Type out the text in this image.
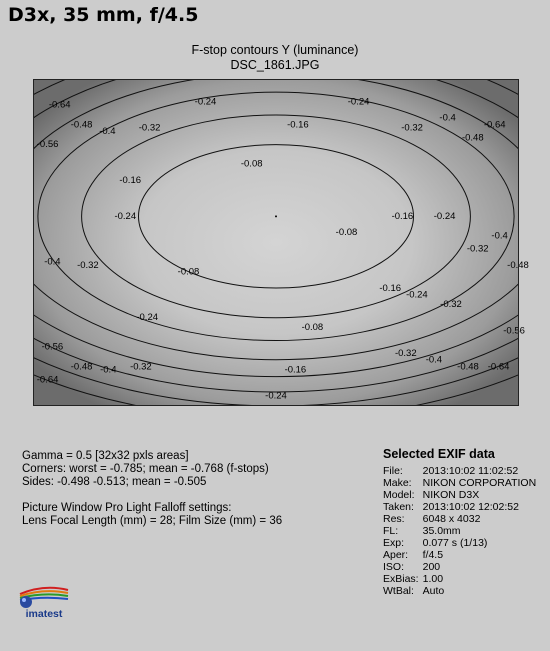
D3x, 35 mm, f/4.5
F-stop contours Y (luminance)
DSC_1861.JPG
-0.64
-0.48
-0.4 -0.32
-0.24	-0.24
-0.16	-0.32
-0.4
-0.48
-0.64
-0.56
-0.16
-0.08
-0.24
-0.32
-0.4
-0.08
-0.08
-0.16 -0.24
-0.32
-0.4
-0.48
-0.16
-0.24
-0.08
-0.24
-0.32
-0.56
-0.56
-0.48 -0.4 -0.32	-0.16
-0.32
-0.4
-0.48 -0.64
-0.64
-0.24
Gamma = 0.5 [32x32 pxls areas]
Corners: worst = -0.785; mean = -0.768 (f-stops)
Sides: -0.498 -0.513; mean = -0.505
Picture Window Pro Light Falloff settings:
Lens Focal Length (mm) = 28; Film Size (mm) = 36
Selected EXIF data
File:	2013:10:02 11:02:52
Make:	NIKON CORPORATION
Model:	NIKON D3X
Taken:	2013:10:02 12:02:52
Res:	6048 x 4032
FL:	35.0mm
Exp:	0.077 s (1/13)
Aper:	f/4.5
ISO:	200
ExBias:	1.00
WtBal:	Auto
imatest
